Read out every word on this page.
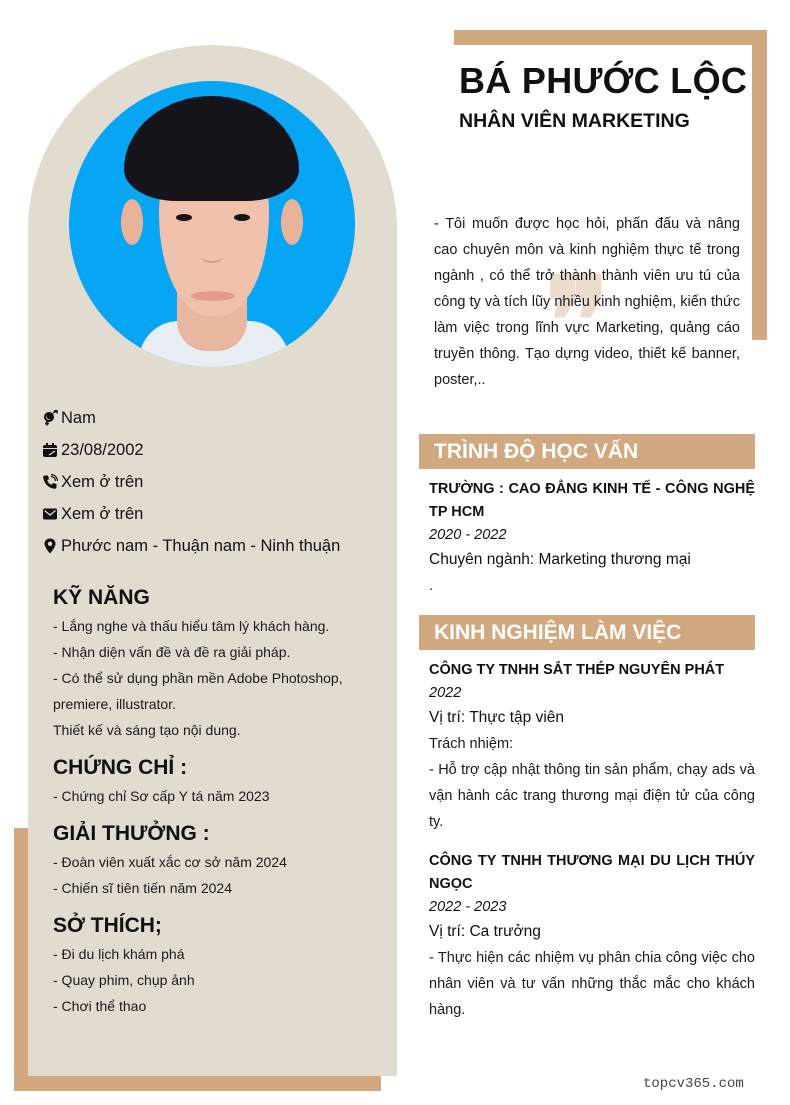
Nam
23/08/2002
Xem ở trên
Xem ở trên
Phước nam - Thuận nam - Ninh thuận
KỸ NĂNG
- Lắng nghe và thấu hiểu tâm lý khách hàng.
- Nhận diện vấn đề và đề ra giải pháp.
- Có thể sử dụng phần mền Adobe Photoshop,
premiere, illustrator.
Thiết kế và sáng tạo nội dung.
CHỨNG CHỈ :
- Chứng chỉ Sơ cấp Y tá năm 2023
GIẢI THƯỞNG :
- Đoàn viên xuất xắc cơ sở năm 2024
- Chiến sĩ tiên tiến năm 2024
SỞ THÍCH;
- Đi du lịch khám phá
- Quay phim, chụp ảnh
- Chơi thể thao
BÁ PHƯỚC LỘC
NHÂN VIÊN MARKETING
❞
- Tôi muốn được học hỏi, phấn đấu và nâng cao chuyên môn và kinh nghiệm thực tế trong ngành , có thể trở thành thành viên ưu tú của công ty và tích lũy nhiều kinh nghiệm, kiến thức làm việc trong lĩnh vực Marketing, quảng cáo truyền thông. Tạo dựng video, thiết kế banner, poster,..
TRÌNH ĐỘ HỌC VẤN
TRƯỜNG : CAO ĐẲNG KINH TẾ - CÔNG NGHỆ TP HCM
2020 - 2022
Chuyên ngành: Marketing thương mại
.
KINH NGHIỆM LÀM VIỆC
CÔNG TY TNHH SẮT THÉP NGUYÊN PHÁT
2022
Vị trí: Thực tập viên
Trách nhiệm:
- Hỗ trợ cập nhật thông tin sản phẩm, chạy ads và vận hành các trang thương mại điện tử của công ty.
CÔNG TY TNHH THƯƠNG MẠI DU LỊCH THÚY NGỌC
2022 - 2023
Vị trí: Ca trưởng
- Thực hiện các nhiệm vụ phân chia công việc cho nhân viên và tư vấn những thắc mắc cho khách hàng.
topcv365.com
